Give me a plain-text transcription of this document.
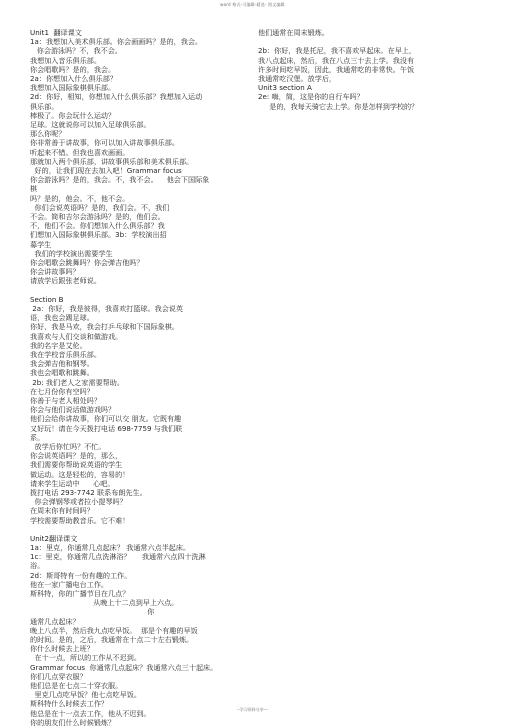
word 格式-可编辑-精选- 图文编辑
Unit1  翻译课文
1a：我想加入美术俱乐部。你会画画吗？是的，我会。
你会游泳吗？不，我不会。
我想加入音乐俱乐部。
你会唱歌吗？是的，我会。
2a：你想加入什么俱乐部？
我想加入国际象棋俱乐部。
2d：你好，相知，你想加入什么俱乐部？我想加入运动
俱乐部。
棒极了。你会玩什么运动？
足球。这就说你可以加入足球俱乐部。
那么你呢？
你非常善于讲故事，你可以加入讲故事俱乐部。
听起来不错。但我也喜欢画画。
那就加入两个俱乐部，讲故事俱乐部和美术俱乐部。
好的，让我们现在去加入吧！Grammar focus
你会游泳吗？是的，我会。不，我不会。    他会下国际象
棋
吗？是的，他会。不，他不会。
你们会说英语吗？是的，我们会。不，我们
不会。简和吉尔会游泳吗？是的，他们会。
不，他们不会。你们想加入什么俱乐部？我
们想加入国际象棋俱乐部。3b：学校演出招
募学生
我们的学校演出需要学生
你会唱歌会跳舞吗？你会弹吉他吗？
你会讲故事吗？
请放学后跟张老师说。
Section B
2a：你好，我是彼得，我喜欢打篮球。我会说英
语，我也会踢足球。
你好，我是马欢，我会打乒乓球和下国际象棋。
我喜欢与人们交谈和做游戏。
我的名字是艾伦。
我在学校音乐俱乐部。
我会弹吉他和钢琴。
我也会唱歌和跳舞。
2b: 我们老人之家需要帮助。
在七月份你有空吗？
你善于与老人相处吗？
你会与他们说话做游戏吗？
他们会给你讲故事，你们可以交 朋友。它既有趣
又好玩！请在今天拨打电话 698-7759 与我们联
系。
放学后你忙吗？不忙。
你会说英语吗？是的，那么，
我们需要你帮助说英语的学生
做运动。这是轻松的，容易的！
请来学生运动中      心吧。
拨打电话 293-7742 联系布朗先生。
你会弹钢琴或者拉小提琴吗？
在周末你有时间吗？
学校需要帮助教音乐。它不难！
Unit2翻译课文
1a：里克，你通常几点起床？ 我通常六点半起床。
1c：里克，你通常几点洗淋浴？     我通常六点四十洗淋
浴。
2d：斯哥特有一份有趣的工作。
他在一家广播电台工作。
斯科特，你的广播节目在几点？
从晚上十二点到早上六点。
你
通常几点起床？
晚上八点半，然后我九点吃早饭。  那是个有趣的早饭
的时间。是的，之后，我通常在十点二十左右锻炼。
你什么时候去上班？
在十一点，所以的工作从不迟到。
Grammar focus  你通常几点起床？我通常六点三十起床。
你们几点穿衣服？
他们总是在七点二十穿衣服。
里克几点吃早饭？他七点吃早饭。
斯科特什么时候去工作？
他总是在十一点去工作，他从不迟到。
你的朋友们什么时候锻炼？
他们通常在周末锻炼。

2b：你好，我是托尼，我不喜欢早起床。在早上，
我八点起床，然后，我在八点三十去上学。我没有
许多时间吃早饭，因此，我通常吃的非常快。午饭
我通常吃汉堡。放学后，
Unit3 section A
2e: 嗨，简，这是你的自行车吗？
是的，我每天骑它去上学。你是怎样到学校的？
--学习资料分享---
